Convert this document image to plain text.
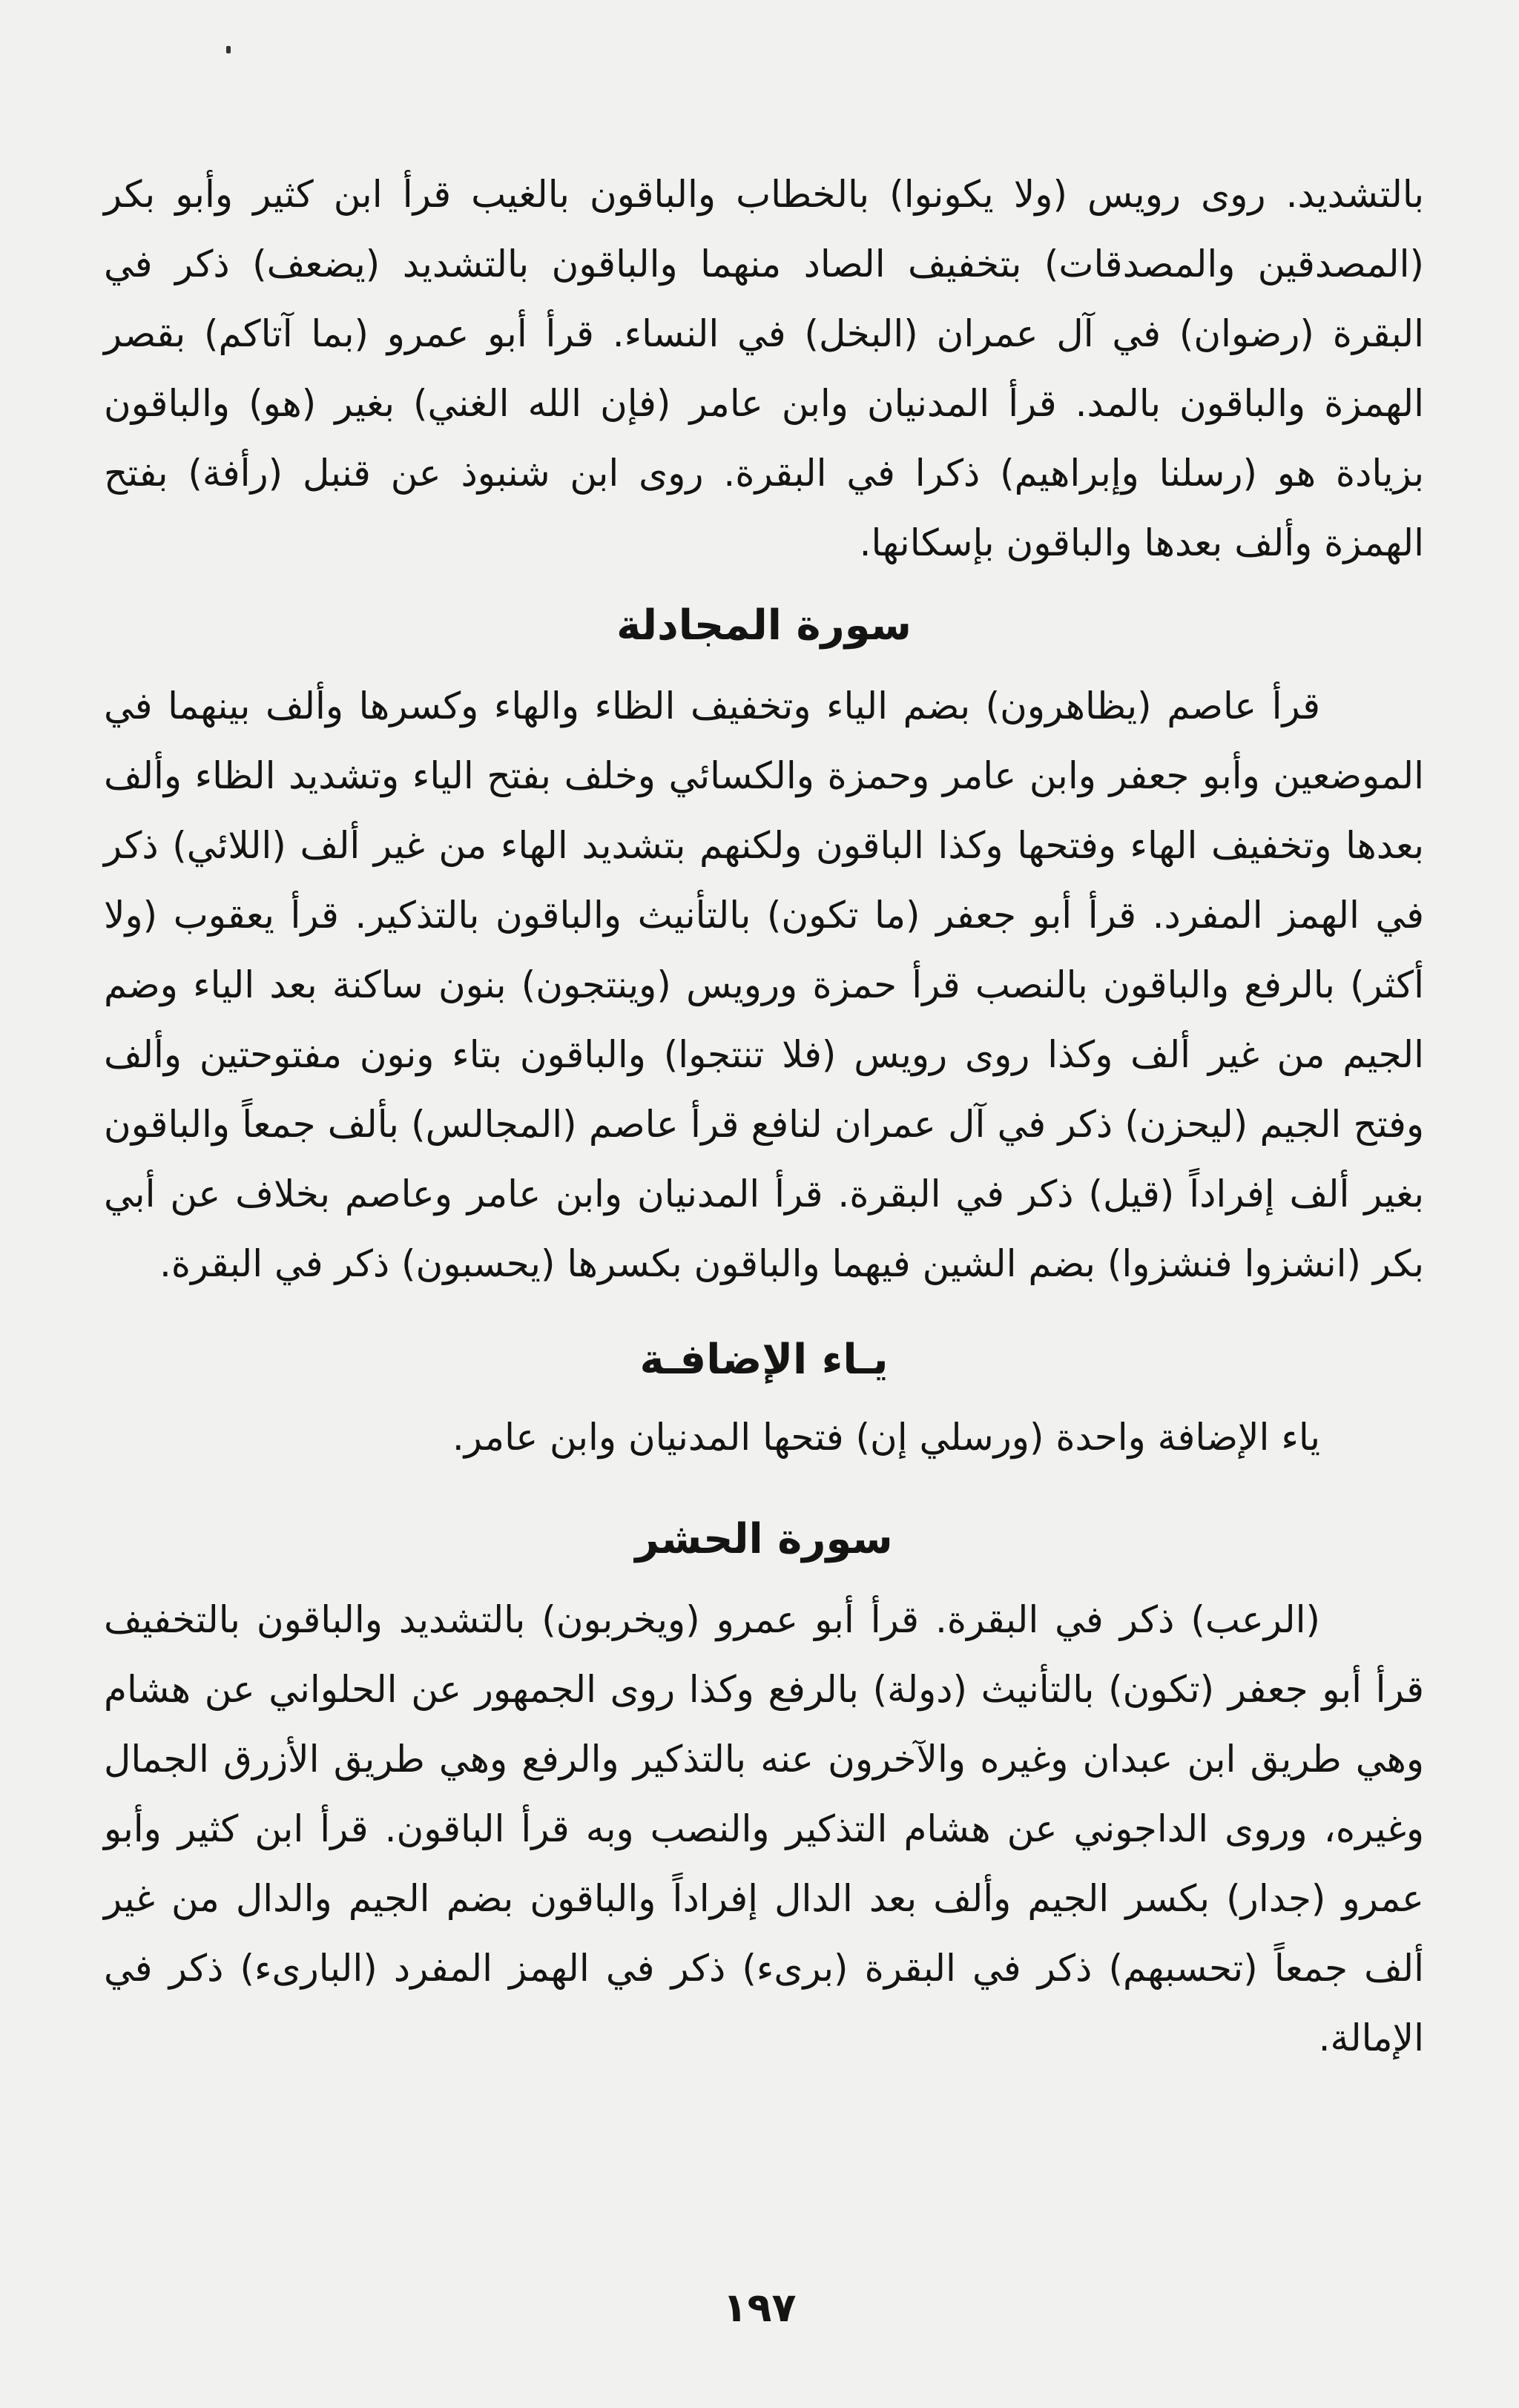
بالتشديد. روى رويس (ولا يكونوا) بالخطاب والباقون بالغيب قرأ ابن كثير وأبو بكر (المصدقين والمصدقات) بتخفيف الصاد منهما والباقون بالتشديد (يضعف) ذكر في البقرة (رضوان) في آل عمران (البخل) في النساء. قرأ أبو عمرو (بما آتاكم) بقصر الهمزة والباقون بالمد. قرأ المدنيان وابن عامر (فإن الله الغني) بغير (هو) والباقون بزيادة هو (رسلنا وإبراهيم) ذكرا في البقرة. روى ابن شنبوذ عن قنبل (رأفة) بفتح الهمزة وألف بعدها والباقون بإسكانها.

سورة المجادلة

قرأ عاصم (يظاهرون) بضم الياء وتخفيف الظاء والهاء وكسرها وألف بينهما في الموضعين وأبو جعفر وابن عامر وحمزة والكسائي وخلف بفتح الياء وتشديد الظاء وألف بعدها وتخفيف الهاء وفتحها وكذا الباقون ولكنهم بتشديد الهاء من غير ألف (اللائي) ذكر في الهمز المفرد. قرأ أبو جعفر (ما تكون) بالتأنيث والباقون بالتذكير. قرأ يعقوب (ولا أكثر) بالرفع والباقون بالنصب قرأ حمزة ورويس (وينتجون) بنون ساكنة بعد الياء وضم الجيم من غير ألف وكذا روى رويس (فلا تنتجوا) والباقون بتاء ونون مفتوحتين وألف وفتح الجيم (ليحزن) ذكر في آل عمران لنافع قرأ عاصم (المجالس) بألف جمعاً والباقون بغير ألف إفراداً (قيل) ذكر في البقرة. قرأ المدنيان وابن عامر وعاصم بخلاف عن أبي بكر (انشزوا فنشزوا) بضم الشين فيهما والباقون بكسرها (يحسبون) ذكر في البقرة.

يـاء الإضافـة

ياء الإضافة واحدة (ورسلي إن) فتحها المدنيان وابن عامر.

سورة الحشر

(الرعب) ذكر في البقرة. قرأ أبو عمرو (ويخربون) بالتشديد والباقون بالتخفيف قرأ أبو جعفر (تكون) بالتأنيث (دولة) بالرفع وكذا روى الجمهور عن الحلواني عن هشام وهي طريق ابن عبدان وغيره والآخرون عنه بالتذكير والرفع وهي طريق الأزرق الجمال وغيره، وروى الداجوني عن هشام التذكير والنصب وبه قرأ الباقون. قرأ ابن كثير وأبو عمرو (جدار) بكسر الجيم وألف بعد الدال إفراداً والباقون بضم الجيم والدال من غير ألف جمعاً (تحسبهم) ذكر في البقرة (برىء) ذكر في الهمز المفرد (البارىء) ذكر في الإمالة.

١٩٧
